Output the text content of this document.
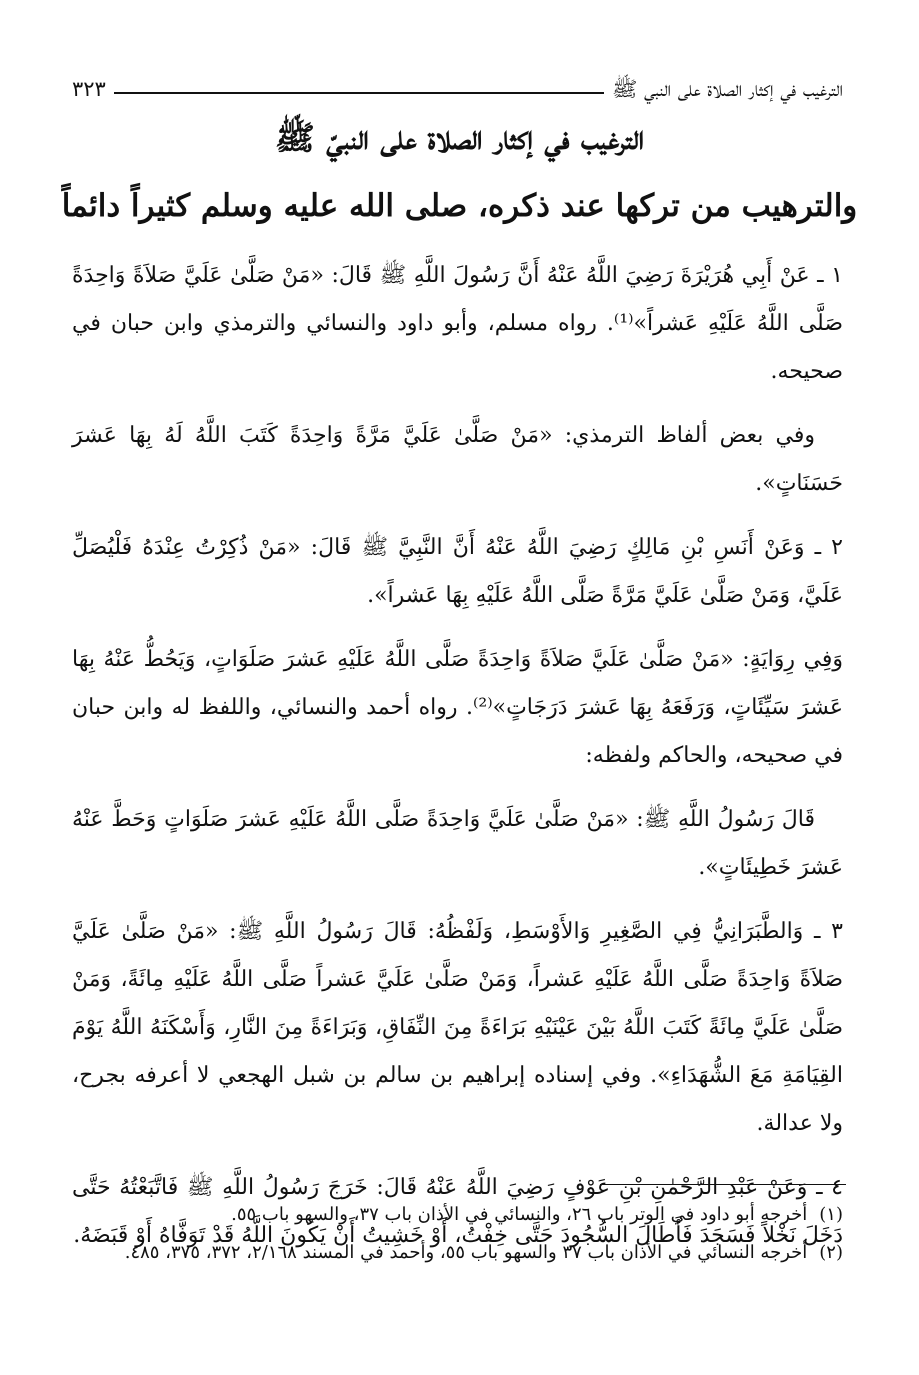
الترغيب في إكثار الصلاة على النبي ﷺ
٣٢٣
الترغيب في إكثار الصلاة على النبيّ ﷺ
والترهيب من تركها عند ذكره، صلى الله عليه وسلم كثيراً دائماً

١ ـ عَنْ أَبِي هُرَيْرَةَ رَضِيَ اللَّهُ عَنْهُ أَنَّ رَسُولَ اللَّهِ ﷺ قَالَ: «مَنْ صَلَّىٰ عَلَيَّ صَلاَةً وَاحِدَةً صَلَّى اللَّهُ عَلَيْهِ عَشراً»⁽¹⁾. رواه مسلم، وأبو داود والنسائي والترمذي وابن حبان في صحيحه.

وفي بعض ألفاظ الترمذي: «مَنْ صَلَّىٰ عَلَيَّ مَرَّةً وَاحِدَةً كَتَبَ اللَّهُ لَهُ بِهَا عَشرَ حَسَنَاتٍ».

٢ ـ وَعَنْ أَنَسِ بْنِ مَالِكٍ رَضِيَ اللَّهُ عَنْهُ أَنَّ النَّبِيَّ ﷺ قَالَ: «مَنْ ذُكِرْتُ عِنْدَهُ فَلْيُصَلِّ عَلَيَّ، وَمَنْ صَلَّىٰ عَلَيَّ مَرَّةً صَلَّى اللَّهُ عَلَيْهِ بِهَا عَشراً».

وَفِي رِوَايَةٍ: «مَنْ صَلَّىٰ عَلَيَّ صَلاَةً وَاحِدَةً صَلَّى اللَّهُ عَلَيْهِ عَشرَ صَلَوَاتٍ، وَيَحُطُّ عَنْهُ بِهَا عَشرَ سَيِّئَاتٍ، وَرَفَعَهُ بِهَا عَشرَ دَرَجَاتٍ»⁽²⁾. رواه أحمد والنسائي، واللفظ له وابن حبان في صحيحه، والحاكم ولفظه:

قَالَ رَسُولُ اللَّهِ ﷺ: «مَنْ صَلَّىٰ عَلَيَّ وَاحِدَةً صَلَّى اللَّهُ عَلَيْهِ عَشرَ صَلَوَاتٍ وَحَطَّ عَنْهُ عَشرَ خَطِيئَاتٍ».

٣ ـ وَالطَّبَرَانِيُّ فِي الصَّغِيرِ وَالأَوْسَطِ، وَلَفْظُهُ: قَالَ رَسُولُ اللَّهِ ﷺ: «مَنْ صَلَّىٰ عَلَيَّ صَلاَةً وَاحِدَةً صَلَّى اللَّهُ عَلَيْهِ عَشراً، وَمَنْ صَلَّىٰ عَلَيَّ عَشراً صَلَّى اللَّهُ عَلَيْهِ مِائَةً، وَمَنْ صَلَّىٰ عَلَيَّ مِائَةً كَتَبَ اللَّهُ بَيْنَ عَيْنَيْهِ بَرَاءَةً مِنَ النِّفَاقِ، وَبَرَاءَةً مِنَ النَّارِ، وَأَسْكَنَهُ اللَّهُ يَوْمَ القِيَامَةِ مَعَ الشُّهَدَاءِ». وفي إسناده إبراهيم بن سالم بن شبل الهجعي لا أعرفه بجرح، ولا عدالة.

٤ ـ وَعَنْ عَبْدِ الرَّحْمٰنِ بْنِ عَوْفٍ رَضِيَ اللَّهُ عَنْهُ قَالَ: خَرَجَ رَسُولُ اللَّهِ ﷺ فَاتَّبَعْتُهُ حَتَّى دَخَلَ نَخْلاً فَسَجَدَ فَأَطَالَ السُّجُودَ حَتَّى خِفْتُ، أَوْ خَشِيتُ أَنْ يَكُونَ اللَّهُ قَدْ تَوَفَّاهُ أَوْ قَبَضَهُ.

(١)أخرجه أبو داود في الوتر باب ٢٦، والنسائي في الأذان باب ٣٧، والسهو باب ٥٥.

(٢)أخرجه النسائي في الأذان باب ٣٧ والسهو باب ٥٥، وأحمد في المسند ٢/١٦٨، ٣٧٢، ٣٧٥، ٤٨٥.
